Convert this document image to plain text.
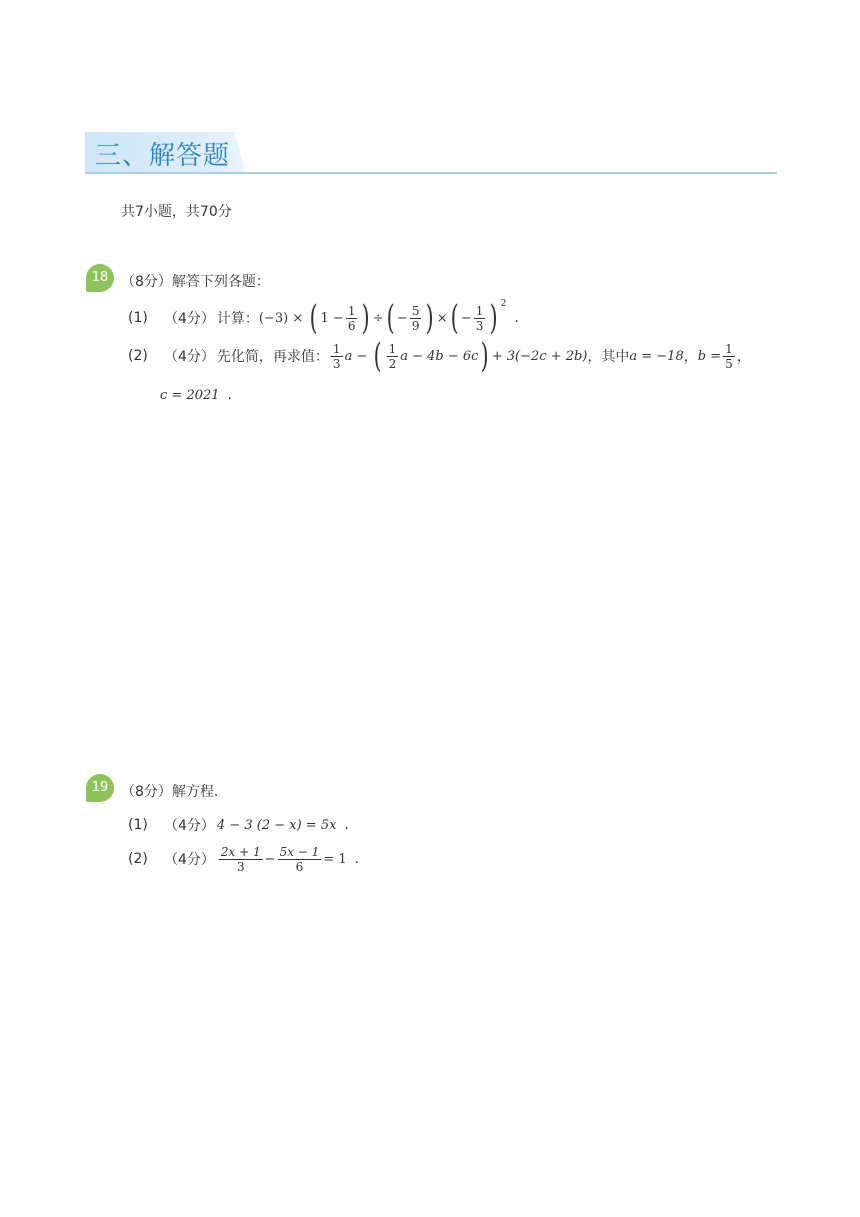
三、解答题
共7小题，共70分
18 （8分）解答下列各题：
(1)	（4分） 计算： (−3) × ( $1 - \frac{1}{6}$ ) ÷ ( − $\frac{5}{9}$ ) × ( − $\frac{1}{3}$ ) 2
.
(2)	（4分） 先化简，再求值： $\frac{1}{3}$ a − ( $\frac{1}{2}$ a − 4b − 6c ) + 3(−2c + 2b) ，其中 a = −18 ， $b = \frac{1}{5}$ ，
c = 2021 .
19 （8分）解方程．
(1)	（4分） 4 − 3 (2 − x) = 5x .
(2)	（4分） $\frac{2x + 1}{3} - \frac{5x - 1}{6} = 1$ .
